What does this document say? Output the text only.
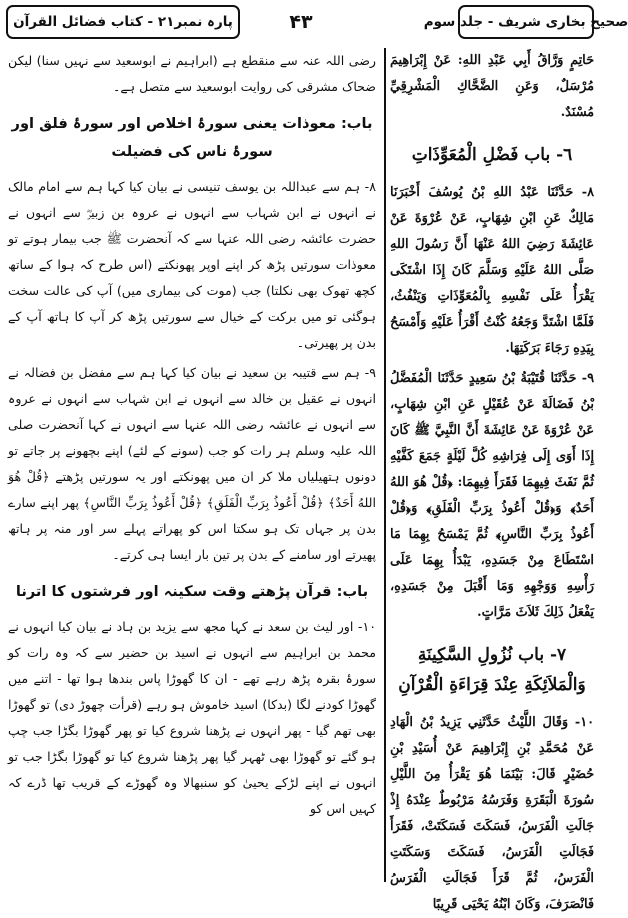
پارہ نمبر۲۱ - کتاب فضائل القرآن	۴۳	صحیح بخاری شریف - جلد سوم

حَاتِمٍ وَرَّاقُ أَبِي عَبْدِ اللهِ: عَنْ إِبْرَاهِيمَ مُرْسَلٌ، وَعَنِ الضَّحَّاكِ الْمَشْرِقِيِّ مُسْنَدٌ.

٦- باب فَضْلِ الْمُعَوِّذَاتِ

٨- حَدَّثَنَا عَبْدُ اللهِ بْنُ يُوسُفَ أَخْبَرَنَا مَالِكٌ عَنِ ابْنِ شِهَابٍ، عَنْ عُرْوَةَ عَنْ عَائِشَةَ رَضِيَ اللهُ عَنْهَا أَنَّ رَسُولَ اللهِ صَلَّى اللهُ عَلَيْهِ وَسَلَّمَ كَانَ إِذَا اشْتَكَى يَقْرَأُ عَلَى نَفْسِهِ بِالْمُعَوِّذَاتِ وَيَنْفُثُ، فَلَمَّا اشْتَدَّ وَجَعُهُ كُنْتُ أَقْرَأُ عَلَيْهِ وَأَمْسَحُ بِيَدِهِ رَجَاءَ بَرَكَتِهَا.

٩- حَدَّثَنَا قُتَيْبَةُ بْنُ سَعِيدٍ حَدَّثَنَا الْمُفَضَّلُ بْنُ فَضَالَةَ عَنْ عُقَيْلٍ عَنِ ابْنِ شِهَابٍ، عَنْ عُرْوَةَ عَنْ عَائِشَةَ أَنَّ النَّبِيَّ ﷺ كَانَ إِذَا أَوَى إِلَى فِرَاشِهِ كُلَّ لَيْلَةٍ جَمَعَ كَفَّيْهِ ثُمَّ نَفَثَ فِيهِمَا فَقَرَأَ فِيهِمَا: ﴿قُلْ هُوَ اللهُ أَحَدٌ﴾ وَ﴿قُلْ أَعُوذُ بِرَبِّ الْفَلَقِ﴾ وَ﴿قُلْ أَعُوذُ بِرَبِّ النَّاسِ﴾ ثُمَّ يَمْسَحُ بِهِمَا مَا اسْتَطَاعَ مِنْ جَسَدِهِ، يَبْدَأُ بِهِمَا عَلَى رَأْسِهِ وَوَجْهِهِ وَمَا أَقْبَلَ مِنْ جَسَدِهِ، يَفْعَلُ ذَلِكَ ثَلاَثَ مَرَّاتٍ.

٧- باب نُزُولِ السَّكِينَةِ وَالْمَلاَئِكَةِ عِنْدَ قِرَاءَةِ الْقُرْآنِ

١٠- وَقَالَ اللَّيْثُ حَدَّثَنِي يَزِيدُ بْنُ الْهَادِ عَنْ مُحَمَّدِ بْنِ إِبْرَاهِيمَ عَنْ أُسَيْدِ بْنِ حُضَيْرٍ قَالَ: بَيْنَمَا هُوَ يَقْرَأُ مِنَ اللَّيْلِ سُورَةَ الْبَقَرَةِ وَفَرَسُهُ مَرْبُوطٌ عِنْدَهُ إِذْ جَالَتِ الْفَرَسُ، فَسَكَتَ فَسَكَتَتْ، فَقَرَأَ فَجَالَتِ الْفَرَسُ، فَسَكَتَ وَسَكَتَتِ الْفَرَسُ، ثُمَّ قَرَأَ فَجَالَتِ الْفَرَسُ فَانْصَرَفَ، وَكَانَ ابْنُهُ يَحْيَى قَرِيبًا

رضی اللہ عنہ سے منقطع ہے (ابراہیم نے ابوسعید سے نہیں سنا) لیکن ضحاک مشرقی کی روایت ابوسعید سے متصل ہے۔

باب: معوذات یعنی سورۂ اخلاص اور سورۂ فلق اور سورۂ ناس کی فضیلت

۸- ہم سے عبداللہ بن یوسف تنیسی نے بیان کیا کہا ہم سے امام مالک نے انہوں نے ابن شہاب سے انہوں نے عروہ بن زبیرؓ سے انہوں نے حضرت عائشہ رضی اللہ عنہا سے کہ آنحضرت ﷺ جب بیمار ہوتے تو معوذات سورتیں پڑھ کر اپنے اوپر پھونکتے (اس طرح کہ ہوا کے ساتھ کچھ تھوک بھی نکلتا) جب (موت کی بیماری میں) آپ کی عالت سخت ہوگئی تو میں برکت کے خیال سے سورتیں پڑھ کر آپ کا ہاتھ آپ کے بدن پر پھیرتی۔

۹- ہم سے قتیبہ بن سعید نے بیان کیا کہا ہم سے مفضل بن فضالہ نے انہوں نے عقیل بن خالد سے انہوں نے ابن شہاب سے انہوں نے عروہ سے انہوں نے عائشہ رضی اللہ عنہا سے انہوں نے کہا آنحضرت صلی اللہ علیہ وسلم ہر رات کو جب (سونے کے لئے) اپنے بچھونے پر جاتے تو دونوں ہتھیلیاں ملا کر ان میں پھونکتے اور یہ سورتیں پڑھتے ﴿قُلْ هُوَ اللهُ أَحَدٌ﴾ ﴿قُلْ أَعُوذُ بِرَبِّ الْفَلَقِ﴾ ﴿قُلْ أَعُوذُ بِرَبِّ النَّاسِ﴾ پھر اپنے سارے بدن پر جہاں تک ہو سکتا اس کو پھراتے پہلے سر اور منہ پر ہاتھ پھیرتے اور سامنے کے بدن پر تین بار ایسا ہی کرتے۔

باب: قرآن پڑھتے وقت سکینہ اور فرشتوں کا اترنا

۱۰- اور لیث بن سعد نے کہا مجھ سے یزید بن ہاد نے بیان کیا انہوں نے محمد بن ابراہیم سے انہوں نے اسید بن حضیر سے کہ وہ رات کو سورۂ بقرہ پڑھ رہے تھے - ان کا گھوڑا پاس بندھا ہوا تھا - اتنے میں گھوڑا کودنے لگا (بدکا) اسید خاموش ہو رہے (قرأت چھوڑ دی) تو گھوڑا بھی تھم گیا - پھر انہوں نے پڑھنا شروع کیا تو پھر گھوڑا بگڑا جب چپ ہو گئے تو گھوڑا بھی ٹھہر گیا پھر پڑھنا شروع کیا تو گھوڑا بگڑا جب تو انہوں نے اپنے لڑکے یحییٰ کو سنبھالا وہ گھوڑے کے قریب تھا ڈرے کہ کہیں اس کو
